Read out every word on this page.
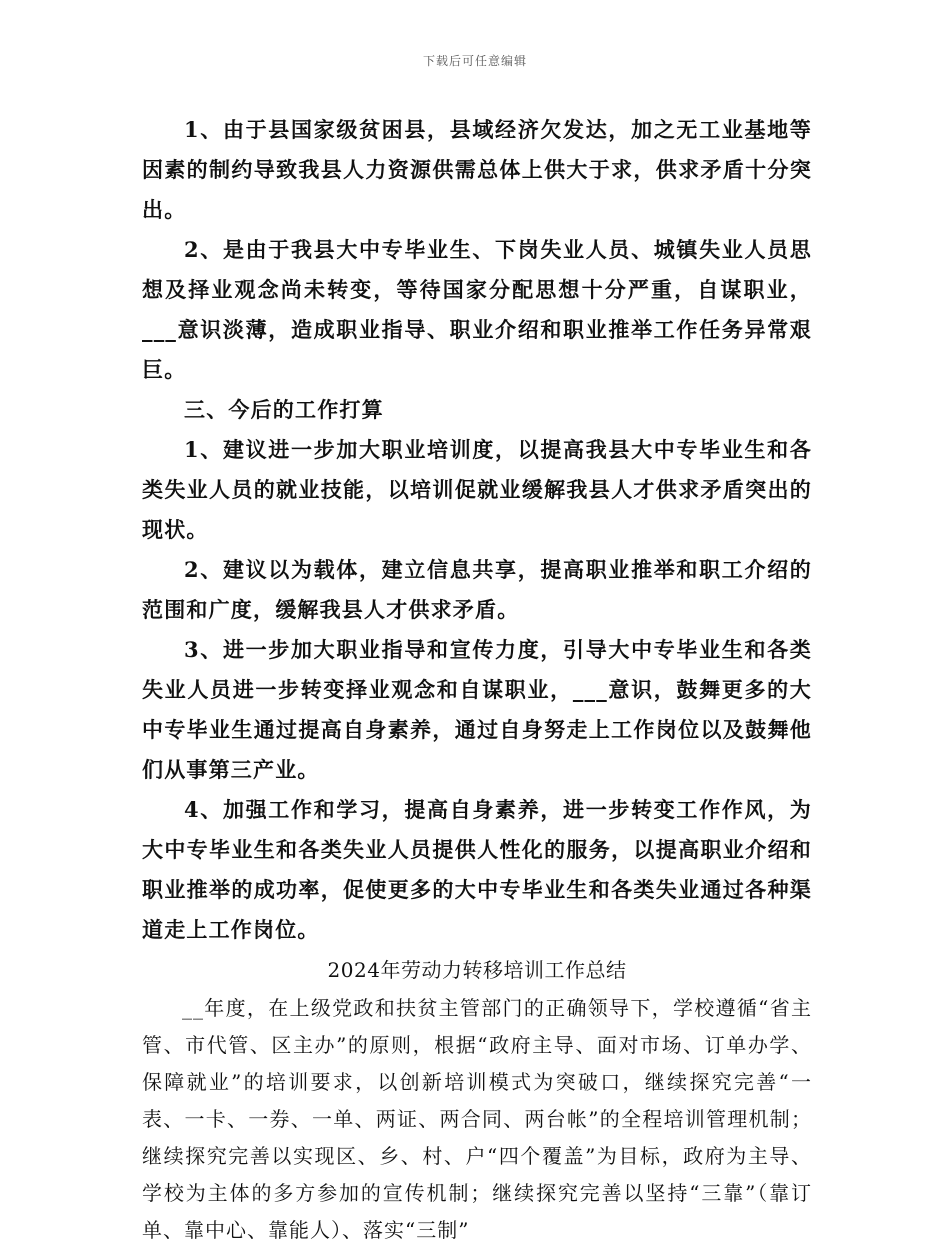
下载后可任意编辑

1、由于县国家级贫困县，县域经济欠发达，加之无工业基地等因素的制约导致我县人力资源供需总体上供大于求，供求矛盾十分突出。

2、是由于我县大中专毕业生、下岗失业人员、城镇失业人员思想及择业观念尚未转变，等待国家分配思想十分严重，自谋职业，___意识淡薄，造成职业指导、职业介绍和职业推举工作任务异常艰巨。

三、今后的工作打算

1、建议进一步加大职业培训度，以提高我县大中专毕业生和各类失业人员的就业技能，以培训促就业缓解我县人才供求矛盾突出的现状。

2、建议以为载体，建立信息共享，提高职业推举和职工介绍的范围和广度，缓解我县人才供求矛盾。

3、进一步加大职业指导和宣传力度，引导大中专毕业生和各类失业人员进一步转变择业观念和自谋职业，___意识，鼓舞更多的大中专毕业生通过提高自身素养，通过自身努走上工作岗位以及鼓舞他们从事第三产业。

4、加强工作和学习，提高自身素养，进一步转变工作作风，为大中专毕业生和各类失业人员提供人性化的服务，以提高职业介绍和职业推举的成功率，促使更多的大中专毕业生和各类失业通过各种渠道走上工作岗位。

2024年劳动力转移培训工作总结

__年度，在上级党政和扶贫主管部门的正确领导下，学校遵循“省主管、市代管、区主办”的原则，根据“政府主导、面对市场、订单办学、保障就业”的培训要求，以创新培训模式为突破口，继续探究完善“一表、一卡、一券、一单、两证、两合同、两台帐”的全程培训管理机制；继续探究完善以实现区、乡、村、户“四个覆盖”为目标，政府为主导、学校为主体的多方参加的宣传机制；继续探究完善以坚持“三靠”（靠订单、靠中心、靠能人）、落实“三制”
